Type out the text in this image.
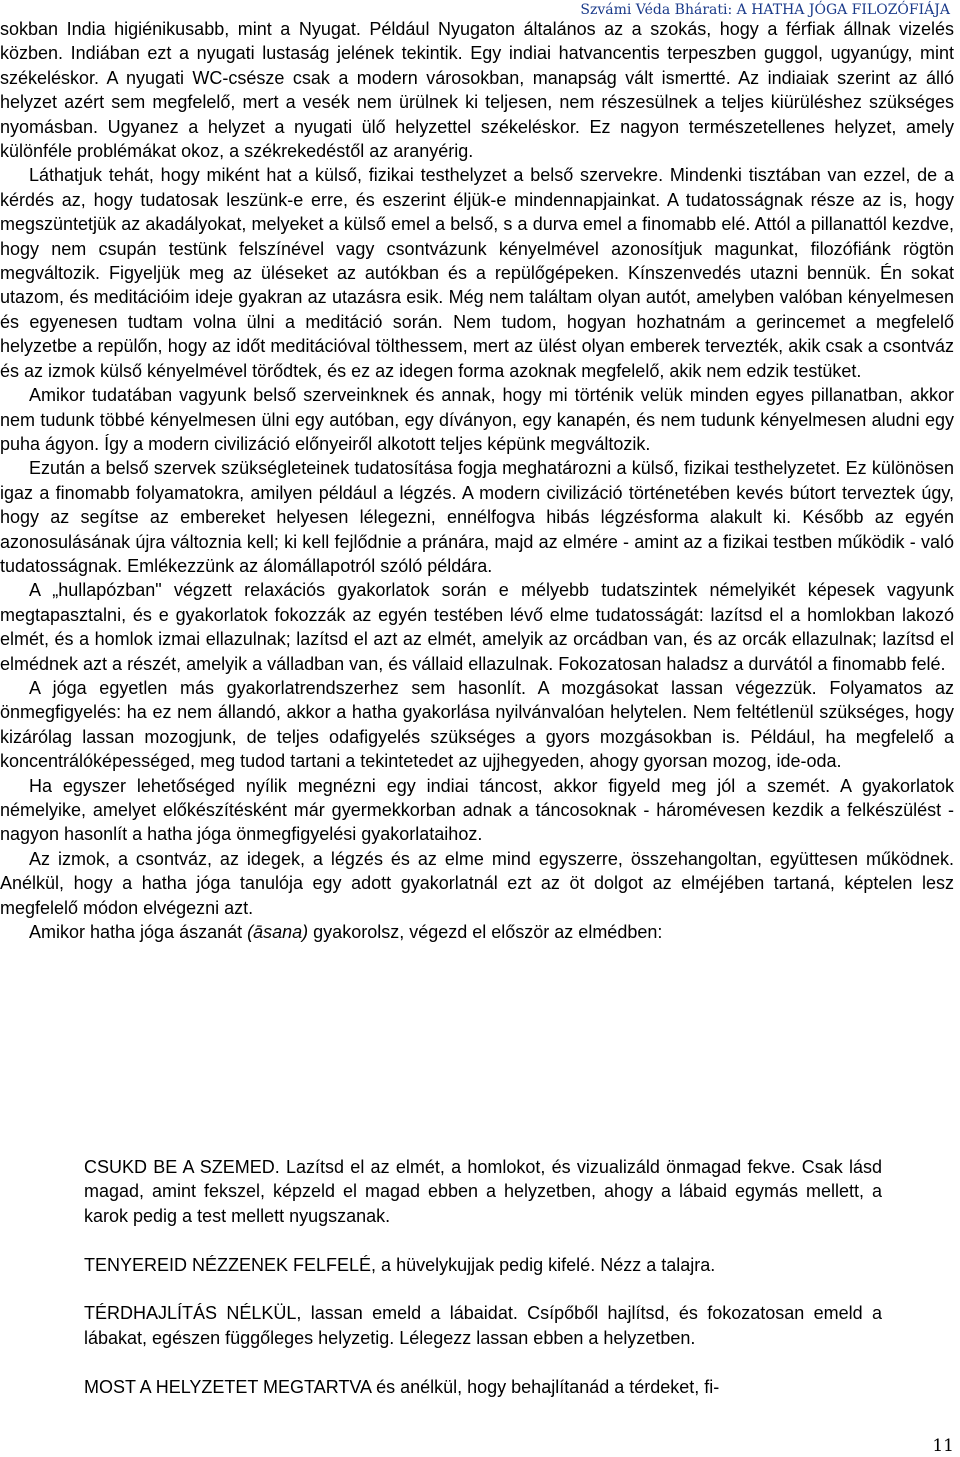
Szvámi Véda Bhárati: A HATHA JÓGA FILOZÓFIÁJA

sokban India higiénikusabb, mint a Nyugat. Például Nyugaton általános az a szokás, hogy a férfiak állnak vizelés közben. Indiában ezt a nyugati lustaság jelének tekintik. Egy indiai hatvancentis terpeszben guggol, ugyanúgy, mint székeléskor. A nyugati WC-csésze csak a modern városokban, manapság vált ismertté. Az indiaiak szerint az álló helyzet azért sem megfelelő, mert a vesék nem ürülnek ki teljesen, nem részesülnek a teljes kiürüléshez szükséges nyomásban. Ugyanez a helyzet a nyugati ülő helyzettel székeléskor. Ez nagyon természetellenes helyzet, amely különféle problémákat okoz, a székrekedéstől az aranyérig.

Láthatjuk tehát, hogy miként hat a külső, fizikai testhelyzet a belső szervekre. Mindenki tisztában van ezzel, de a kérdés az, hogy tudatosak leszünk-e erre, és eszerint éljük-e mindennapjainkat. A tudatosságnak része az is, hogy megszüntetjük az akadályokat, melyeket a külső emel a belső, s a durva emel a finomabb elé. Attól a pillanattól kezdve, hogy nem csupán testünk felszínével vagy csontvázunk kényelmével azonosítjuk magunkat, filozófiánk rögtön megváltozik. Figyeljük meg az üléseket az autókban és a repülőgépeken. Kínszenvedés utazni bennük. Én sokat utazom, és meditációim ideje gyakran az utazásra esik. Még nem találtam olyan autót, amelyben valóban kényelmesen és egyenesen tudtam volna ülni a meditáció során. Nem tudom, hogyan hozhatnám a gerincemet a megfelelő helyzetbe a repülőn, hogy az időt meditációval tölthessem, mert az ülést olyan emberek tervezték, akik csak a csontváz és az izmok külső kényelmével törődtek, és ez az idegen forma azoknak megfelelő, akik nem edzik testüket.

Amikor tudatában vagyunk belső szerveinknek és annak, hogy mi történik velük minden egyes pillanatban, akkor nem tudunk többé kényelmesen ülni egy autóban, egy díványon, egy kanapén, és nem tudunk kényelmesen aludni egy puha ágyon. Így a modern civilizáció előnyeiről alkotott teljes képünk megváltozik.

Ezután a belső szervek szükségleteinek tudatosítása fogja meghatározni a külső, fizikai testhelyzetet. Ez különösen igaz a finomabb folyamatokra, amilyen például a légzés. A modern civilizáció történetében kevés bútort terveztek úgy, hogy az segítse az embereket helyesen lélegezni, ennélfogva hibás légzésforma alakult ki. Később az egyén azonosulásának újra változnia kell; ki kell fejlődnie a pránára, majd az elmére - amint az a fizikai testben működik - való tudatosságnak. Emlékezzünk az álomállapotról szóló példára.

A „hullapózban" végzett relaxációs gyakorlatok során e mélyebb tudatszintek némelyikét képesek vagyunk megtapasztalni, és e gyakorlatok fokozzák az egyén testében lévő elme tudatosságát: lazítsd el a homlokban lakozó elmét, és a homlok izmai ellazulnak; lazítsd el azt az elmét, amelyik az orcádban van, és az orcák ellazulnak; lazítsd el elmédnek azt a részét, amelyik a válladban van, és vállaid ellazulnak. Fokozatosan haladsz a durvától a finomabb felé.

A jóga egyetlen más gyakorlatrendszerhez sem hasonlít. A mozgásokat lassan végezzük. Folyamatos az önmegfigyelés: ha ez nem állandó, akkor a hatha gyakorlása nyilvánvalóan helytelen. Nem feltétlenül szükséges, hogy kizárólag lassan mozogjunk, de teljes odafigyelés szükséges a gyors mozgásokban is. Például, ha megfelelő a koncentrálóképességed, meg tudod tartani a tekintetedet az ujjhegyeden, ahogy gyorsan mozog, ide-oda.

Ha egyszer lehetőséged nyílik megnézni egy indiai táncost, akkor figyeld meg jól a szemét. A gyakorlatok némelyike, amelyet előkészítésként már gyermekkorban adnak a táncosoknak - háromévesen kezdik a felkészülést - nagyon hasonlít a hatha jóga önmegfigyelési gyakorlataihoz.

Az izmok, a csontváz, az idegek, a légzés és az elme mind egyszerre, összehangoltan, együttesen működnek. Anélkül, hogy a hatha jóga tanulója egy adott gyakorlatnál ezt az öt dolgot az elméjében tartaná, képtelen lesz megfelelő módon elvégezni azt.

Amikor hatha jóga ászanát (āsana) gyakorolsz, végezd el először az elmédben:

CSUKD BE A SZEMED. Lazítsd el az elmét, a homlokot, és vizualizáld önmagad fekve. Csak lásd magad, amint fekszel, képzeld el magad ebben a helyzetben, ahogy a lábaid egymás mellett, a karok pedig a test mellett nyugszanak.

TENYEREID NÉZZENEK FELFELÉ, a hüvelykujjak pedig kifelé. Nézz a talajra.

TÉRDHAJLÍTÁS NÉLKÜL, lassan emeld a lábaidat. Csípőből hajlítsd, és fokozatosan emeld a lábakat, egészen függőleges helyzetig. Lélegezz lassan ebben a helyzetben.

MOST A HELYZETET MEGTARTVA és anélkül, hogy behajlítanád a térdeket, fi-

11
